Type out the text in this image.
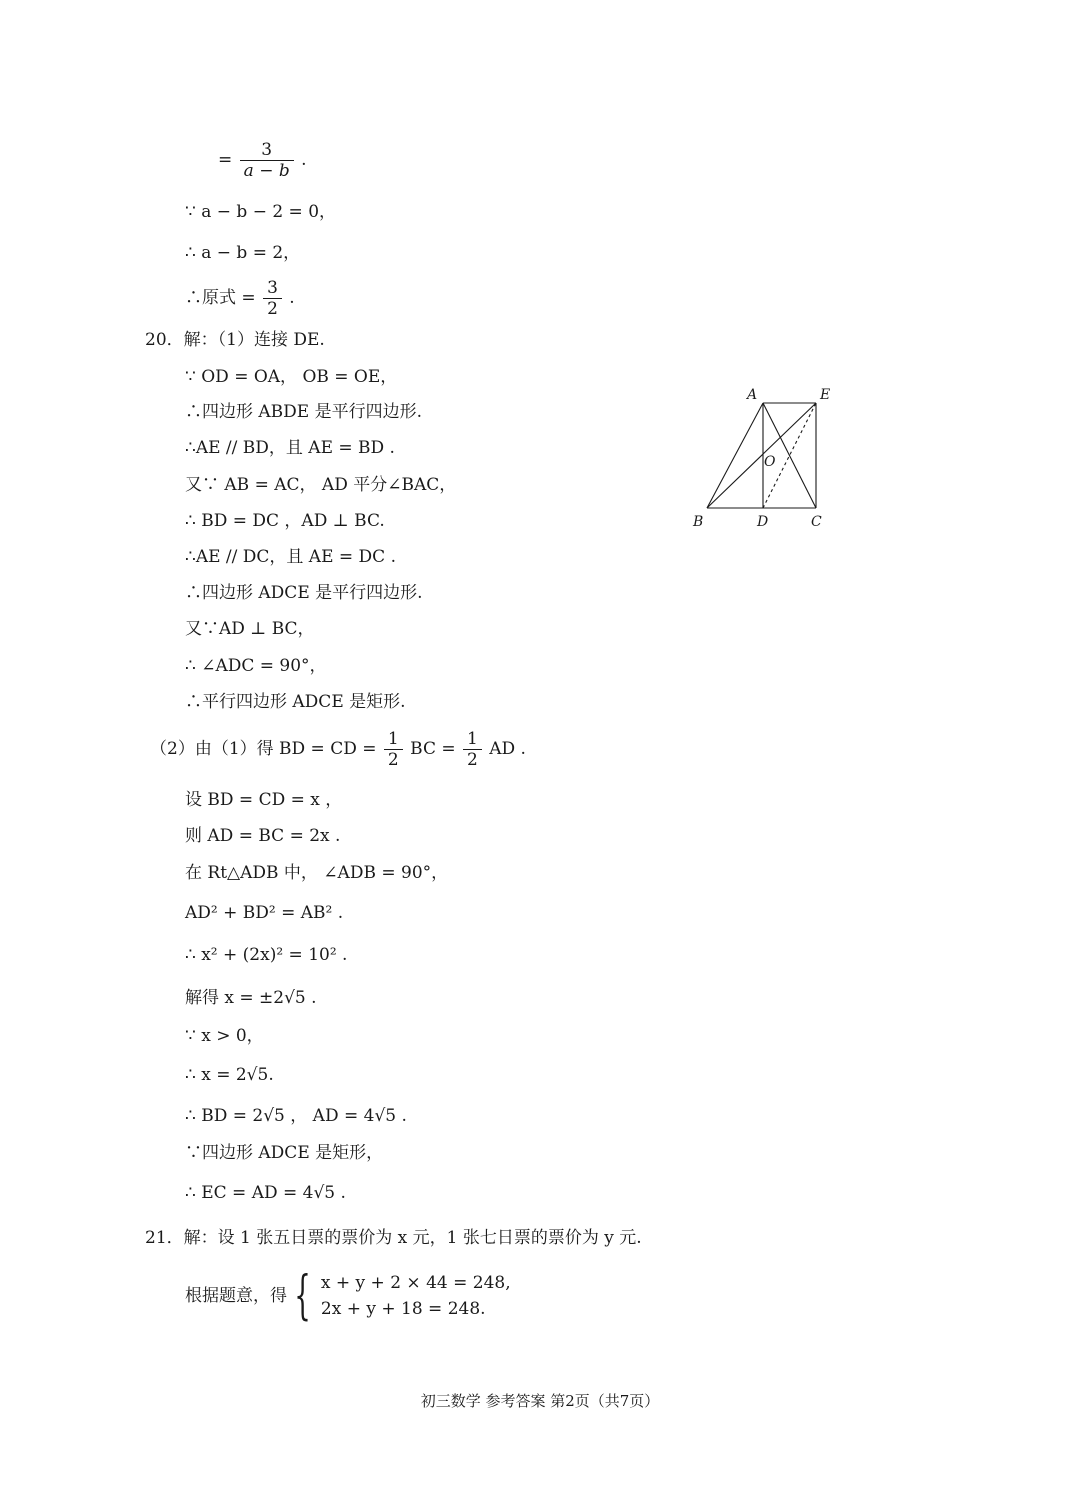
= $\frac{3}{a - b}$ .
∵ a − b − 2 = 0，
∴ a − b = 2，
∴原式 = $\frac{3}{2}$ .
20．解：（1）连接 DE.
∵ OD = OA， OB = OE，
∴四边形 ABDE 是平行四边形.
∴AE // BD，且 AE = BD .
又∵ AB = AC， AD 平分∠BAC，
∴ BD = DC ，AD ⊥ BC.
∴AE // DC，且 AE = DC .
∴四边形 ADCE 是平行四边形.
又∵AD ⊥ BC，
∴ ∠ADC = 90°，
∴平行四边形 ADCE 是矩形.
（2）由（1）得 BD = CD = $\frac{1}{2}$ BC = $\frac{1}{2}$ AD .
设 BD = CD = x ，
则 AD = BC = 2x .
在 Rt△ADB 中， ∠ADB = 90°，
AD² + BD² = AB² .
∴ x² + (2x)² = 10² .
解得 x = ±2√5 .
∵ x > 0，
∴ x = 2√5.
∴ BD = 2√5 ， AD = 4√5 .
∵四边形 ADCE 是矩形，
∴ EC = AD = 4√5 .
21．解：设 1 张五日票的票价为 x 元，1 张七日票的票价为 y 元.
根据题意，得 { x + y + 2 × 44 = 248,
2x + y + 18 = 248.
A	E
O
B	D	C
初三数学 参考答案 第2页（共7页）
